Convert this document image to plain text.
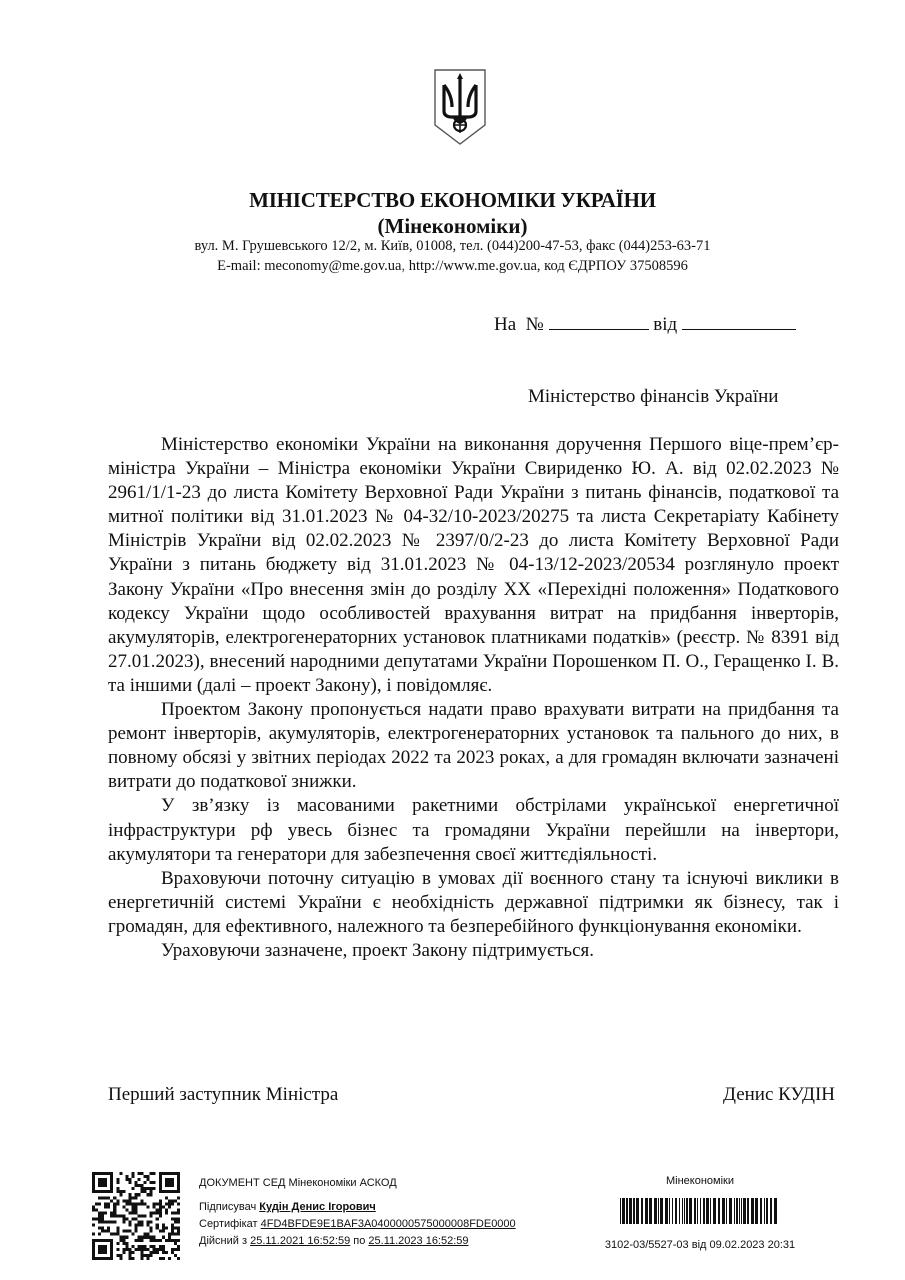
МІНІСТЕРСТВО ЕКОНОМІКИ УКРАЇНИ
(Мінекономіки)
вул. М. Грушевського 12/2, м. Київ, 01008, тел. (044)200-47-53, факс (044)253-63-71
E-mail: meconomy@me.gov.ua, http://www.me.gov.ua, код ЄДРПОУ 37508596
На  №	від
Міністерство фінансів України

Міністерство економіки України на виконання доручення Першого віце-прем’єр-міністра України – Міністра економіки України Свириденко Ю. А. від 02.02.2023 № 2961/1/1-23 до листа Комітету Верховної Ради України з питань фінансів, податкової та митної політики від 31.01.2023 № 04-32/10-2023/20275 та листа Секретаріату Кабінету Міністрів України від 02.02.2023 № 2397/0/2-23 до листа Комітету Верховної Ради України з питань бюджету від 31.01.2023 № 04-13/12-2023/20534 розглянуло проект Закону України «Про внесення змін до розділу XX «Перехідні положення» Податкового кодексу України щодо особливостей врахування витрат на придбання інверторів, акумуляторів, електрогенераторних установок платниками податків» (реєстр. № 8391 від 27.01.2023), внесений народними депутатами України Порошенком П. О., Геращенко І. В. та іншими (далі – проект Закону), і повідомляє.

Проектом Закону пропонується надати право врахувати витрати на придбання та ремонт інверторів, акумуляторів, електрогенераторних установок та пального до них, в повному обсязі у звітних періодах 2022 та 2023 роках, а для громадян включати зазначені витрати до податкової знижки.

У зв’язку із масованими ракетними обстрілами української енергетичної інфраструктури рф увесь бізнес та громадяни України перейшли на інвертори, акумулятори та генератори для забезпечення своєї життєдіяльності.

Враховуючи поточну ситуацію в умовах дії воєнного стану та існуючі виклики в енергетичній системі України є необхідність державної підтримки як бізнесу, так і громадян, для ефективного, належного та безперебійного функціонування економіки.

Ураховуючи зазначене, проект Закону підтримується.

Перший заступник Міністра	Денис КУДІН
ДОКУМЕНТ СЕД Мінекономіки АСКОД
Підписувач Кудін Денис Ігорович
Сертифікат 4FD4BFDE9E1BAF3A0400000575000008FDE0000
Дійсний з 25.11.2021 16:52:59 по 25.11.2023 16:52:59
Мінекономіки
3102-03/5527-03 від 09.02.2023 20:31
